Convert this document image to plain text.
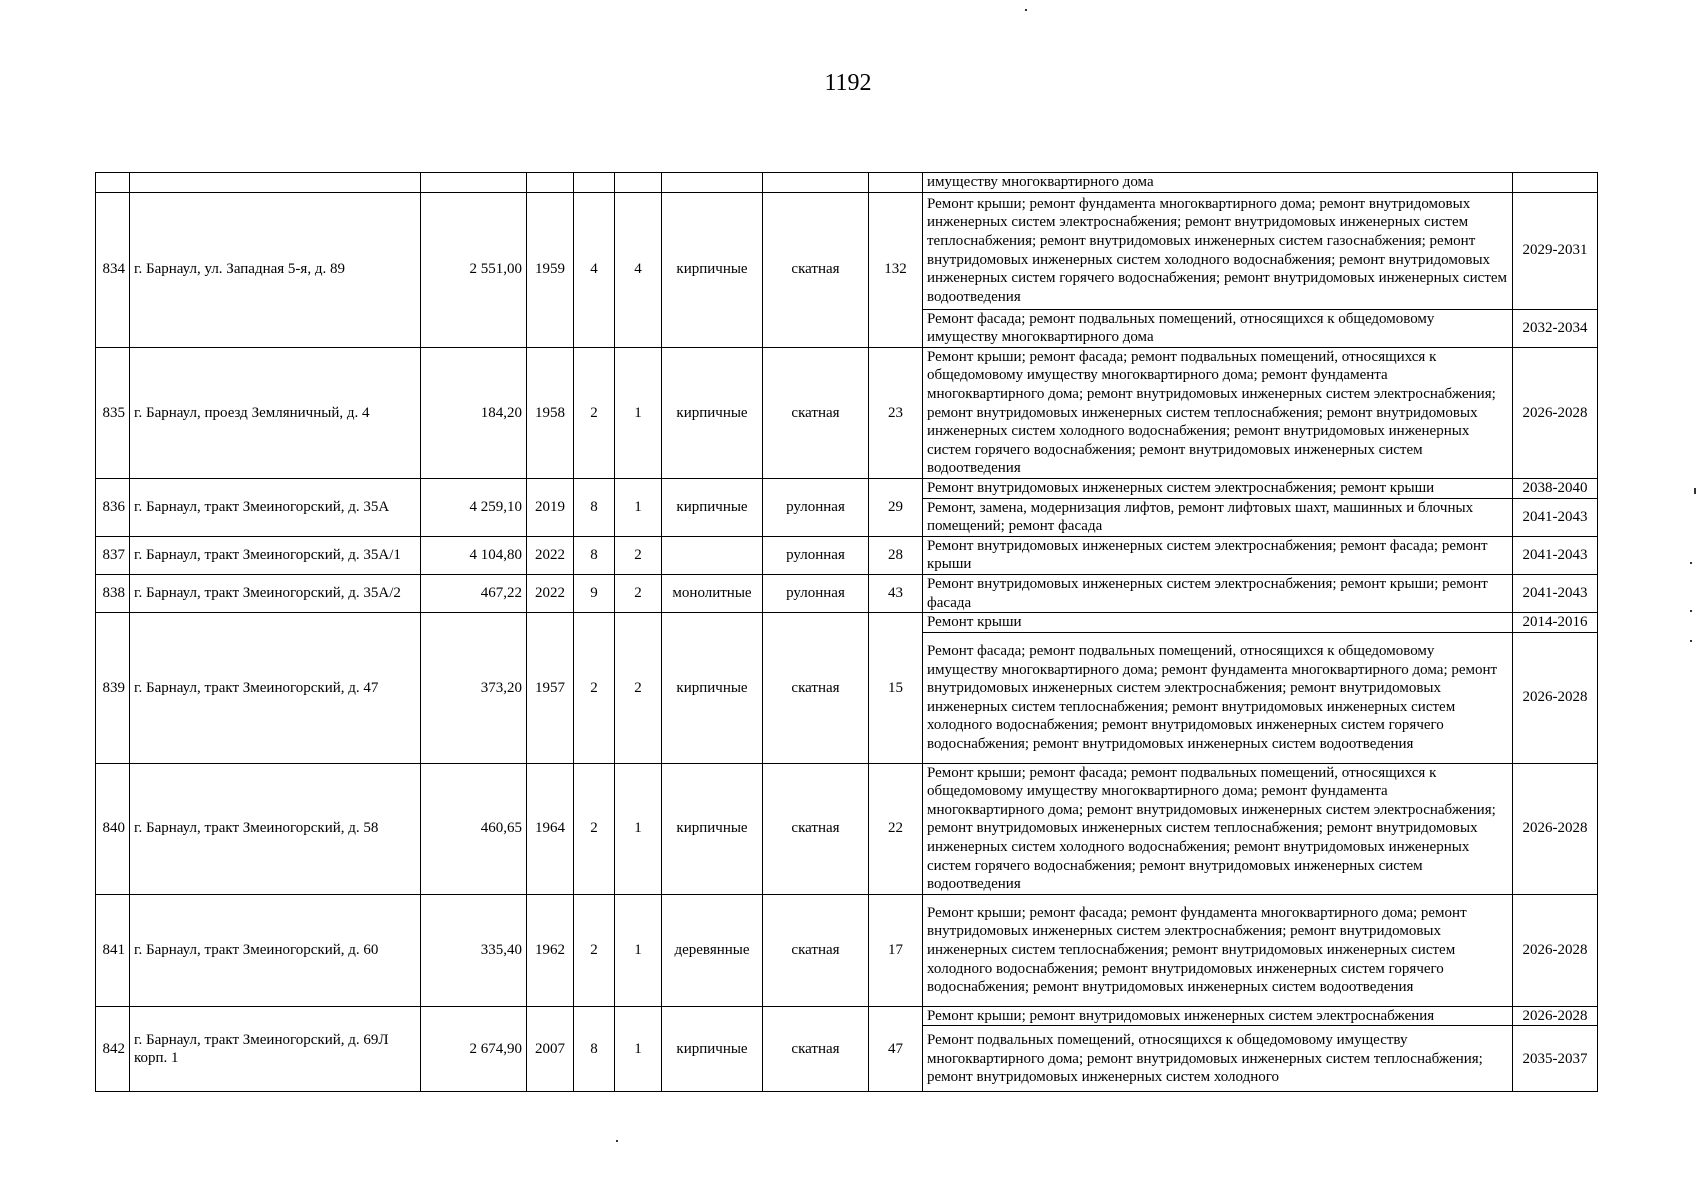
1192
									имуществу многоквартирного дома	
834	г. Барнаул, ул. Западная 5-я, д. 89	2 551,00	1959	4	4	кирпичные	скатная	132	Ремонт крыши; ремонт фундамента многоквартирного дома; ремонт внутридомовых инженерных систем электроснабжения; ремонт внутридомовых инженерных систем теплоснабжения; ремонт внутридомовых инженерных систем газоснабжения; ремонт внутридомовых инженерных систем холодного водоснабжения; ремонт внутридомовых инженерных систем горячего водоснабжения; ремонт внутридомовых инженерных систем водоотведения	2029-2031
									Ремонт фасада; ремонт подвальных помещений, относящихся к общедомовому имуществу многоквартирного дома	2032-2034
835	г. Барнаул, проезд Земляничный, д. 4	184,20	1958	2	1	кирпичные	скатная	23	Ремонт крыши; ремонт фасада; ремонт подвальных помещений, относящихся к общедомовому имуществу многоквартирного дома; ремонт фундамента многоквартирного дома; ремонт внутридомовых инженерных систем электроснабжения; ремонт внутридомовых инженерных систем теплоснабжения; ремонт внутридомовых инженерных систем холодного водоснабжения; ремонт внутридомовых инженерных систем горячего водоснабжения; ремонт внутридомовых инженерных систем водоотведения	2026-2028
836	г. Барнаул, тракт Змеиногорский, д. 35А	4 259,10	2019	8	1	кирпичные	рулонная	29	Ремонт внутридомовых инженерных систем электроснабжения; ремонт крыши	2038-2040
									Ремонт, замена, модернизация лифтов, ремонт лифтовых шахт, машинных и блочных помещений; ремонт фасада	2041-2043
837	г. Барнаул, тракт Змеиногорский, д. 35А/1	4 104,80	2022	8	2		рулонная	28	Ремонт внутридомовых инженерных систем электроснабжения; ремонт фасада; ремонт крыши	2041-2043
838	г. Барнаул, тракт Змеиногорский, д. 35А/2	467,22	2022	9	2	монолитные	рулонная	43	Ремонт внутридомовых инженерных систем электроснабжения; ремонт крыши; ремонт фасада	2041-2043
839	г. Барнаул, тракт Змеиногорский, д. 47	373,20	1957	2	2	кирпичные	скатная	15	Ремонт крыши	2014-2016
									Ремонт фасада; ремонт подвальных помещений, относящихся к общедомовому имуществу многоквартирного дома; ремонт фундамента многоквартирного дома; ремонт внутридомовых инженерных систем электроснабжения; ремонт внутридомовых инженерных систем теплоснабжения; ремонт внутридомовых инженерных систем холодного водоснабжения; ремонт внутридомовых инженерных систем горячего водоснабжения; ремонт внутридомовых инженерных систем водоотведения	2026-2028
840	г. Барнаул, тракт Змеиногорский, д. 58	460,65	1964	2	1	кирпичные	скатная	22	Ремонт крыши; ремонт фасада; ремонт подвальных помещений, относящихся к общедомовому имуществу многоквартирного дома; ремонт фундамента многоквартирного дома; ремонт внутридомовых инженерных систем электроснабжения; ремонт внутридомовых инженерных систем теплоснабжения; ремонт внутридомовых инженерных систем холодного водоснабжения; ремонт внутридомовых инженерных систем горячего водоснабжения; ремонт внутридомовых инженерных систем водоотведения	2026-2028
841	г. Барнаул, тракт Змеиногорский, д. 60	335,40	1962	2	1	деревянные	скатная	17	Ремонт крыши; ремонт фасада; ремонт фундамента многоквартирного дома; ремонт внутридомовых инженерных систем электроснабжения; ремонт внутридомовых инженерных систем теплоснабжения; ремонт внутридомовых инженерных систем холодного водоснабжения; ремонт внутридомовых инженерных систем горячего водоснабжения; ремонт внутридомовых инженерных систем водоотведения	2026-2028
842	г. Барнаул, тракт Змеиногорский, д. 69Л корп. 1	2 674,90	2007	8	1	кирпичные	скатная	47	Ремонт крыши; ремонт внутридомовых инженерных систем электроснабжения	2026-2028
									Ремонт подвальных помещений, относящихся к общедомовому имуществу многоквартирного дома; ремонт внутридомовых инженерных систем теплоснабжения; ремонт внутридомовых инженерных систем холодного	2035-2037
